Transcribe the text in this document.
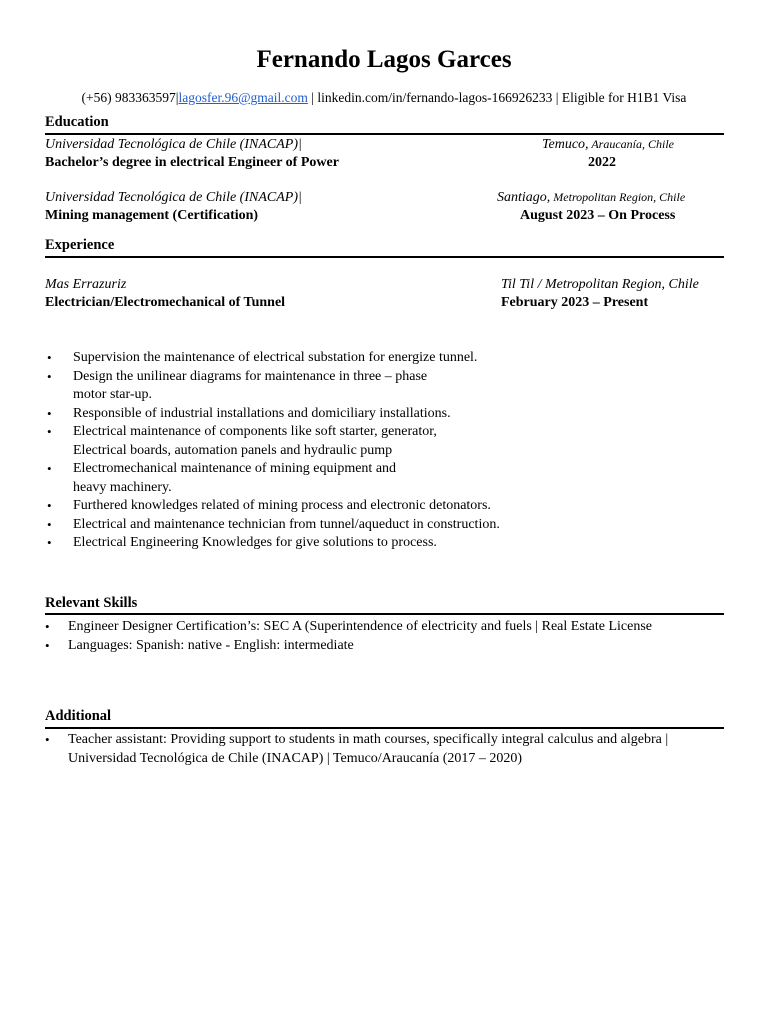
Fernando Lagos Garces
(+56) 983363597|lagosfer.96@gmail.com | linkedin.com/in/fernando-lagos-166926233 | Eligible for H1B1 Visa
Education
Universidad Tecnológica de Chile (INACAP)|	Temuco, Araucanía, Chile
Bachelor’s degree in electrical Engineer of Power	2022
Universidad Tecnológica de Chile (INACAP)|	Santiago, Metropolitan Region, Chile
Mining management (Certification)	August 2023 – On Process
Experience
Mas Errazuriz	Til Til / Metropolitan Region, Chile
Electrician/Electromechanical of Tunnel	February 2023 – Present
• Supervision the maintenance of electrical substation for energize tunnel.
• Design the unilinear diagrams for maintenance in three – phase
motor star-up.
• Responsible of industrial installations and domiciliary installations.
• Electrical maintenance of components like soft starter, generator,
Electrical boards, automation panels and hydraulic pump
• Electromechanical maintenance of mining equipment and
heavy machinery.
• Furthered knowledges related of mining process and electronic detonators.
• Electrical and maintenance technician from tunnel/aqueduct in construction.
• Electrical Engineering Knowledges for give solutions to process.
Relevant Skills
• Engineer Designer Certification’s: SEC A (Superintendence of electricity and fuels | Real Estate License
• Languages: Spanish: native - English: intermediate
Additional
• Teacher assistant: Providing support to students in math courses, specifically integral calculus and algebra |
Universidad Tecnológica de Chile (INACAP) | Temuco/Araucanía (2017 – 2020)
